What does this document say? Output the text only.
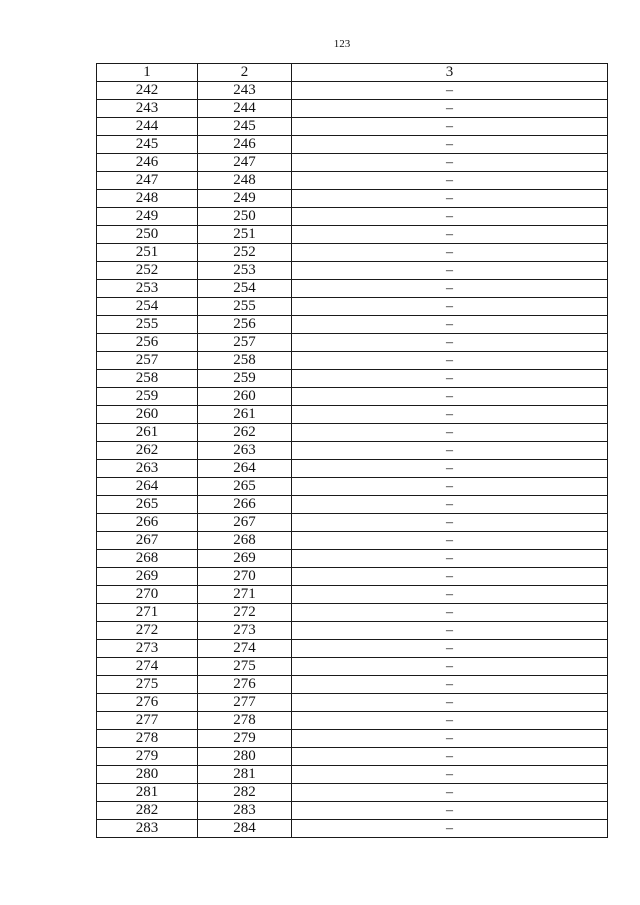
123
1	2	3
242	243	–
243	244	–
244	245	–
245	246	–
246	247	–
247	248	–
248	249	–
249	250	–
250	251	–
251	252	–
252	253	–
253	254	–
254	255	–
255	256	–
256	257	–
257	258	–
258	259	–
259	260	–
260	261	–
261	262	–
262	263	–
263	264	–
264	265	–
265	266	–
266	267	–
267	268	–
268	269	–
269	270	–
270	271	–
271	272	–
272	273	–
273	274	–
274	275	–
275	276	–
276	277	–
277	278	–
278	279	–
279	280	–
280	281	–
281	282	–
282	283	–
283	284	–
